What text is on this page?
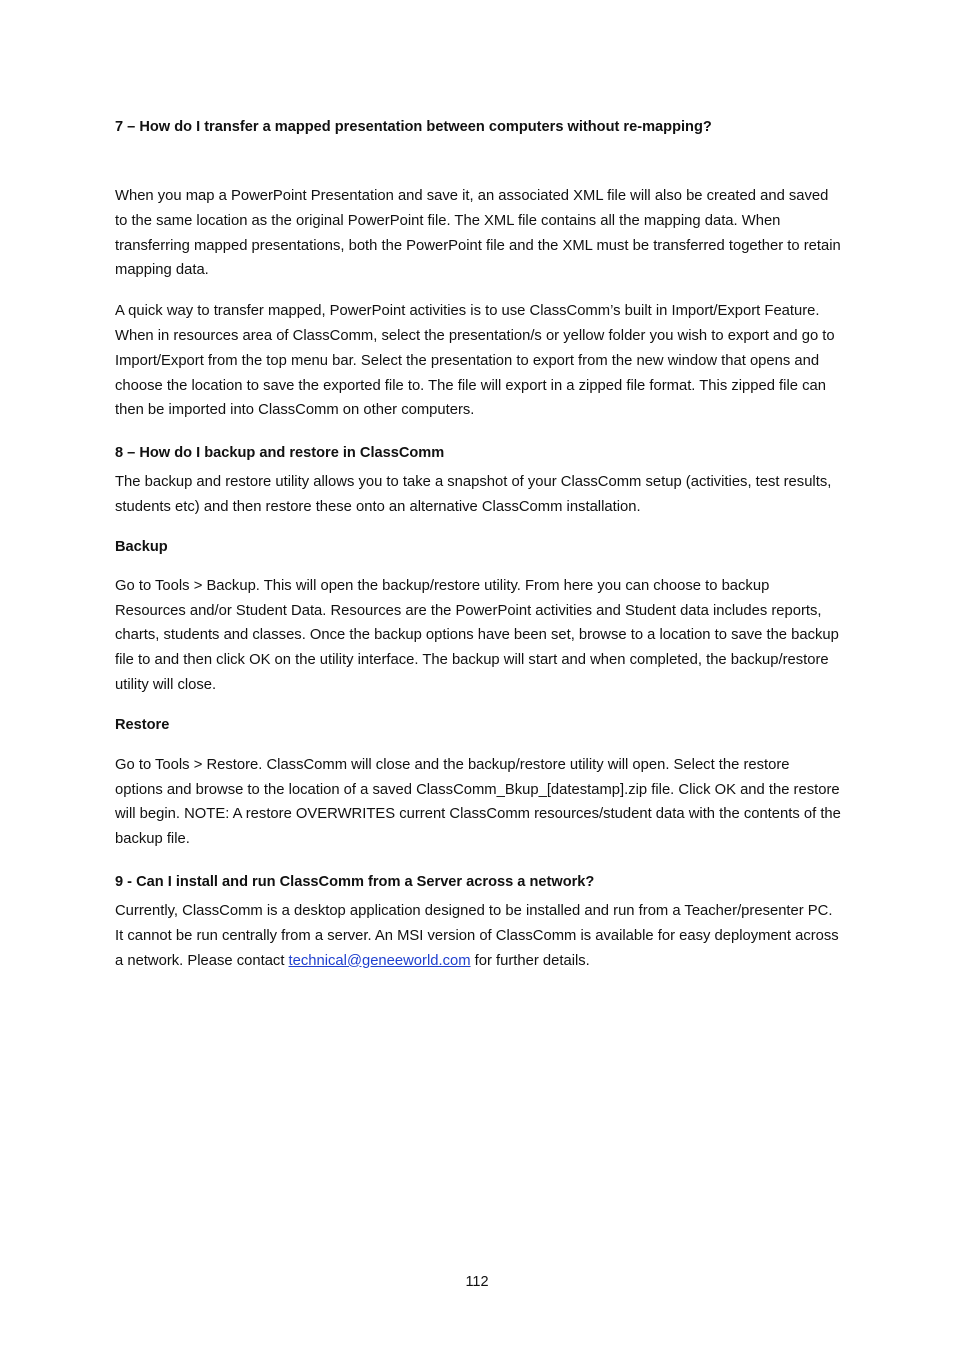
7 – How do I transfer a mapped presentation between computers without re-mapping?

When you map a PowerPoint Presentation and save it, an associated XML file will also be created and saved to the same location as the original PowerPoint file. The XML file contains all the mapping data. When transferring mapped presentations, both the PowerPoint file and the XML must be transferred together to retain mapping data.

A quick way to transfer mapped, PowerPoint activities is to use ClassComm’s built in Import/Export Feature. When in resources area of ClassComm, select the presentation/s or yellow folder you wish to export and go to Import/Export from the top menu bar. Select the presentation to export from the new window that opens and choose the location to save the exported file to. The file will export in a zipped file format. This zipped file can then be imported into ClassComm on other computers.

8 – How do I backup and restore in ClassComm

The backup and restore utility allows you to take a snapshot of your ClassComm setup (activities, test results, students etc) and then restore these onto an alternative ClassComm installation.

Backup

Go to Tools > Backup. This will open the backup/restore utility. From here you can choose to backup Resources and/or Student Data. Resources are the PowerPoint activities and Student data includes reports, charts, students and classes. Once the backup options have been set, browse to a location to save the backup file to and then click OK on the utility interface. The backup will start and when completed, the backup/restore utility will close.

Restore

Go to Tools > Restore. ClassComm will close and the backup/restore utility will open. Select the restore options and browse to the location of a saved ClassComm_Bkup_[datestamp].zip file. Click OK and the restore will begin. NOTE: A restore OVERWRITES current ClassComm resources/student data with the contents of the backup file.

9 - Can I install and run ClassComm from a Server across a network?

Currently, ClassComm is a desktop application designed to be installed and run from a Teacher/presenter PC. It cannot be run centrally from a server. An MSI version of ClassComm is available for easy deployment across a network. Please contact technical@geneeworld.com for further details.

112
